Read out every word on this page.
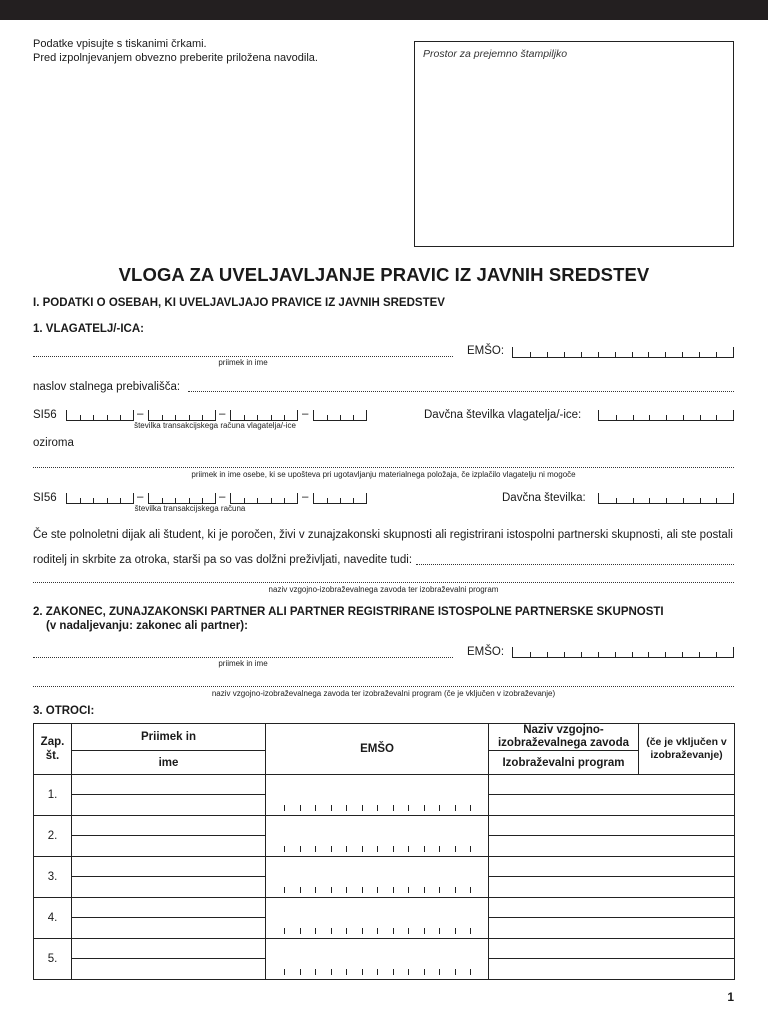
Podatke vpisujte s tiskanimi črkami.
Pred izpolnjevanjem obvezno preberite priložena navodila.	Prostor za prejemno štampiljko
VLOGA ZA UVELJAVLJANJE PRAVIC IZ JAVNIH SREDSTEV
I. PODATKI O OSEBAH, KI UVELJAVLJAJO PRAVICE IZ JAVNIH SREDSTEV
1. VLAGATELJ/-ICA:
priimek in ime
EMŠO:
naslov stalnega prebivališča:
SI56	–	–	–
številka transakcijskega računa vlagatelja/-ice
Davčna številka vlagatelja/-ice:
oziroma
priimek in ime osebe, ki se upošteva pri ugotavljanju materialnega položaja, če izplačilo vlagatelju ni mogoče
SI56	–	–	–
številka transakcijskega računa
Davčna številka:
Če ste polnoletni dijak ali študent, ki je poročen, živi v zunajzakonski skupnosti ali registrirani istospolni partnerski skupnosti, ali ste postali
roditelj in skrbite za otroka, starši pa so vas dolžni preživljati, navedite tudi:
naziv vzgojno-izobraževalnega zavoda ter izobraževalni program
2. ZAKONEC, ZUNAJZAKONSKI PARTNER ALI PARTNER REGISTRIRANE ISTOSPOLNE PARTNERSKE SKUPNOSTI
(v nadaljevanju: zakonec ali partner):
priimek in ime
EMŠO:
naziv vzgojno-izobraževalnega zavoda ter izobraževalni program (če je vključen v izobraževanje)
3. OTROCI:
Zap. št.	Priimek in	EMŠO	Naziv vzgojno-izobraževalnega zavoda	(če je vključen v izobraževanje)
	ime		Izobraževalni program	
1.			

2.			

3.			

4.			

5.			

1
